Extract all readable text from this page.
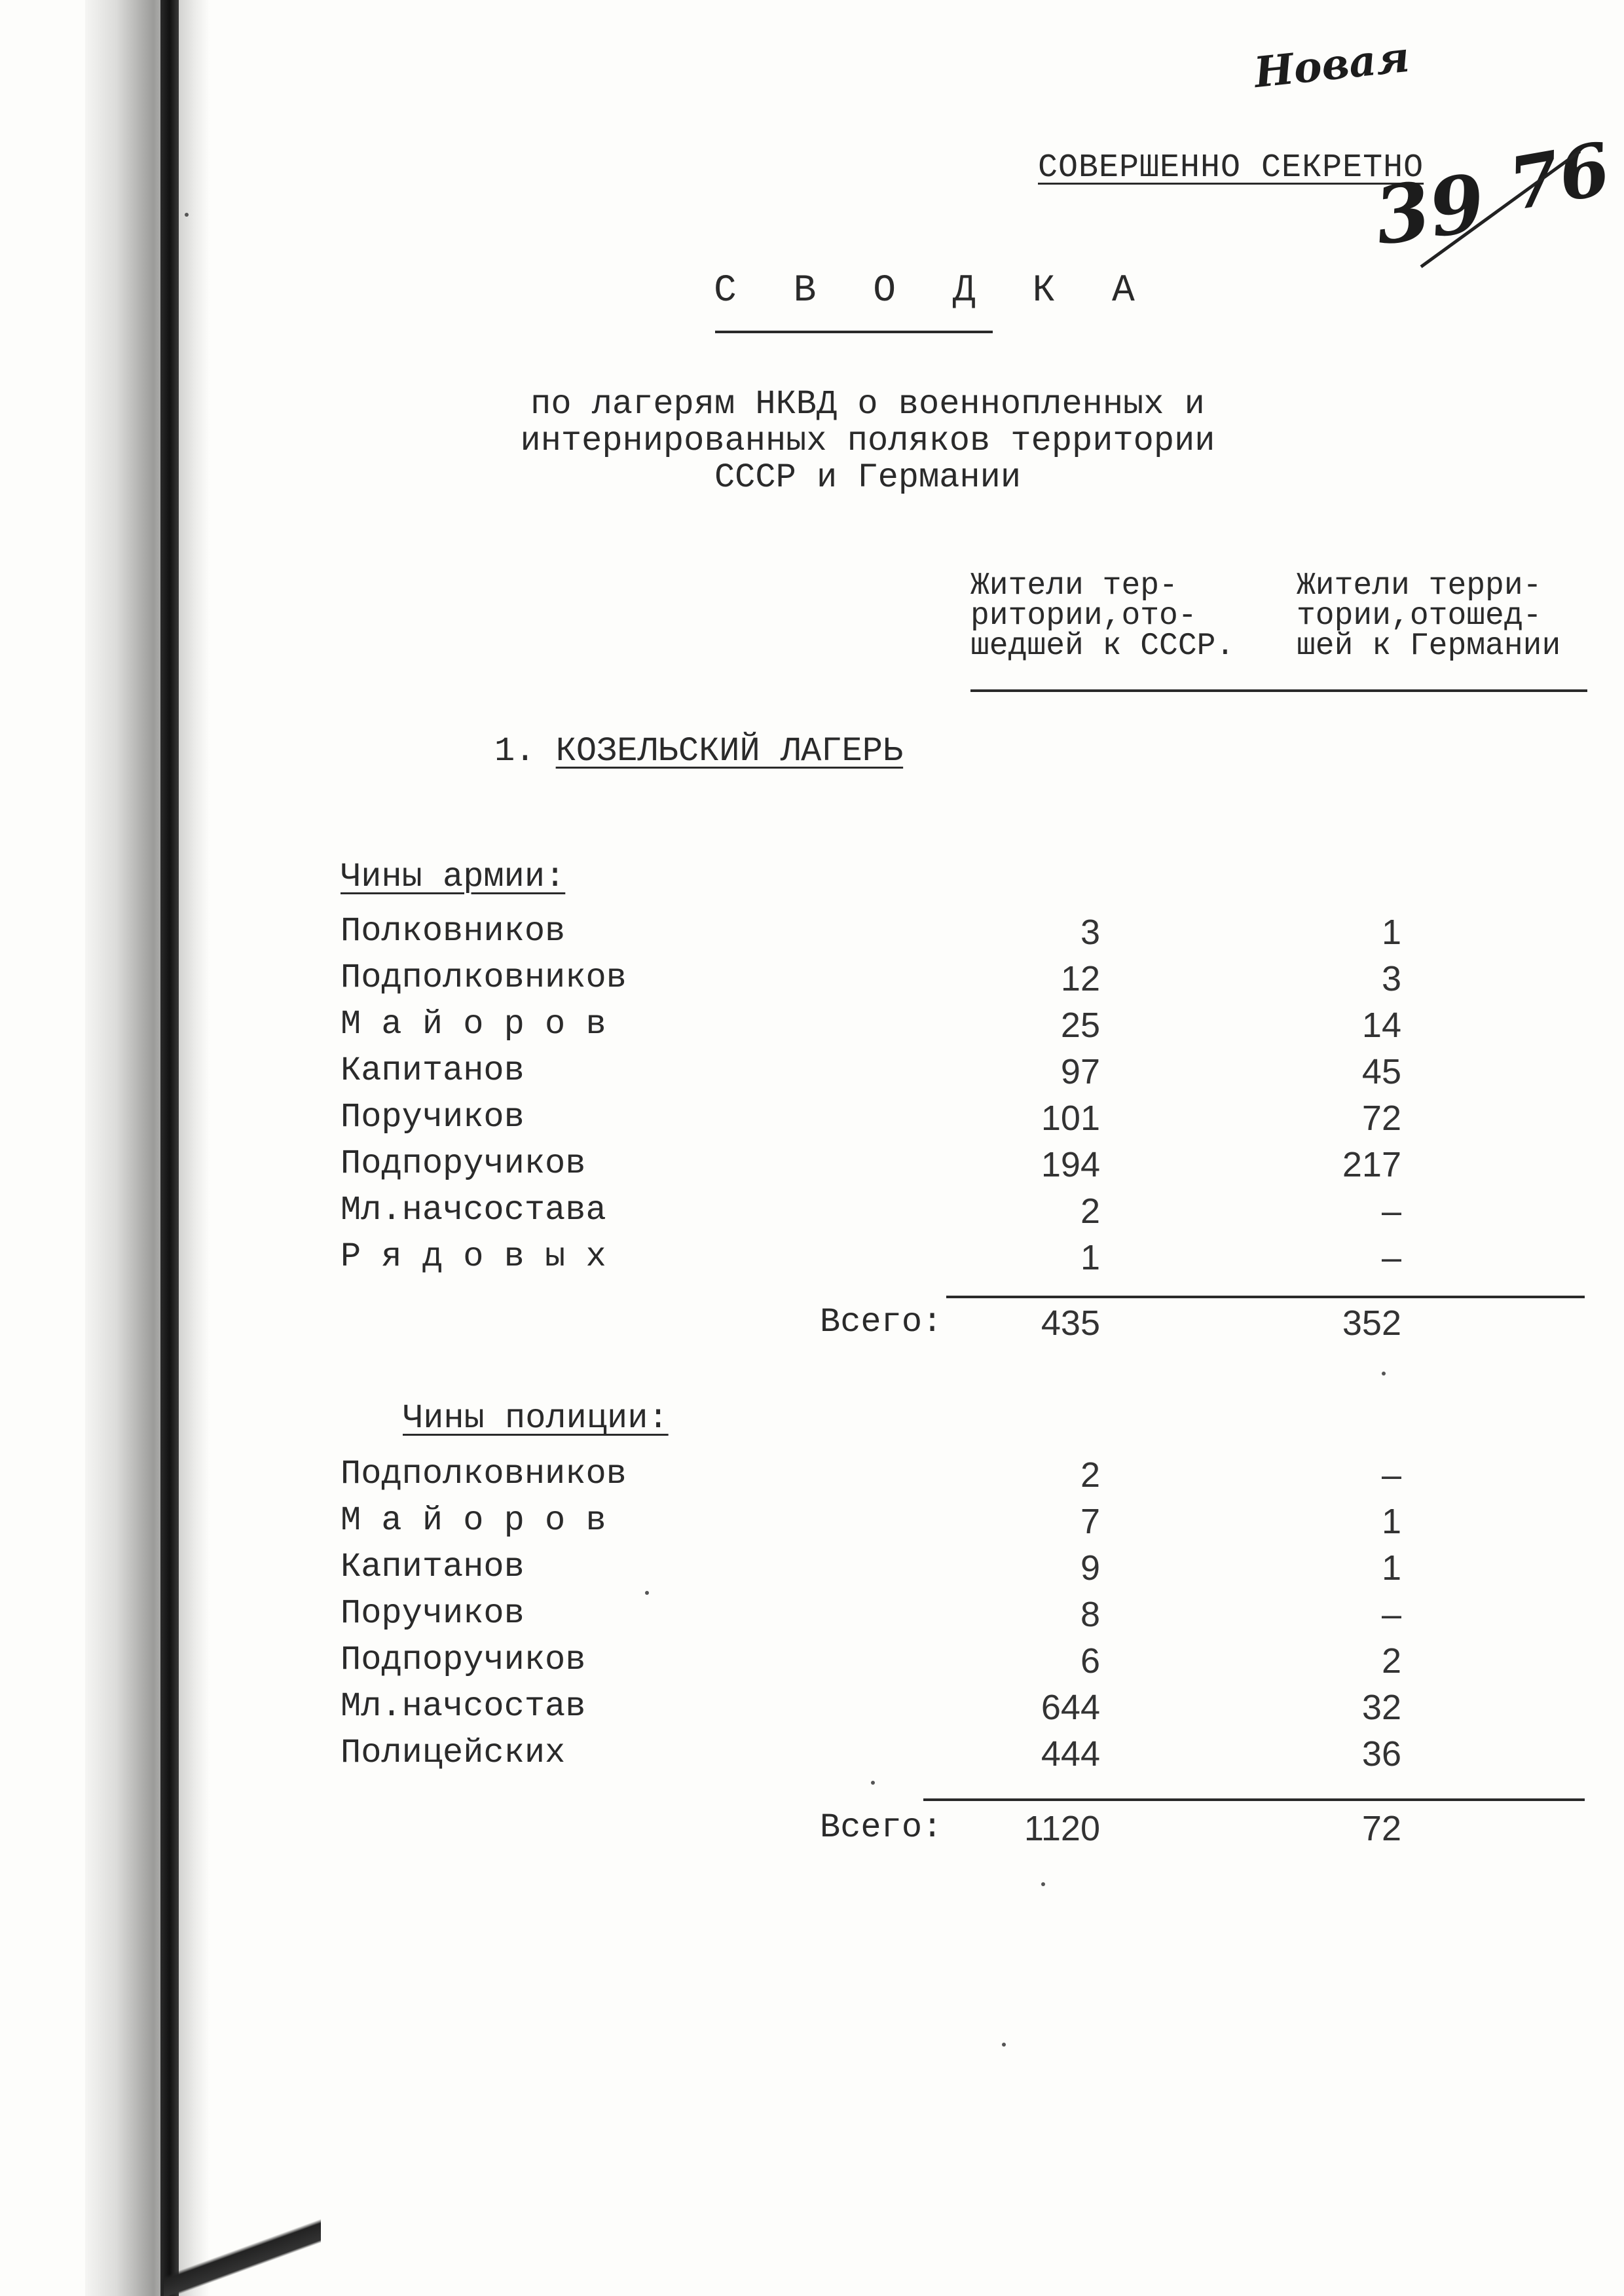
Новая
СОВЕРШЕННО СЕКРЕТНО
39 76
С В О Д К А
по лагерям НКВД о военнопленных и
интернированных поляков территории
СССР и Германии
Жители тер-
ритории,ото-
шедшей к СССР.
Жители терри-
тории,отошед-
шей к Германии
1. КОЗЕЛЬСКИЙ ЛАГЕРЬ
Чины армии:
Полковников	3	1
Подполковников	12	3
М а й о р о в	25	14
Капитанов	97	45
Поручиков	101	72
Подпоручиков	194	217
Мл.начсостава	2	–
Р я д о в ы х	1	–
Всего:	435	352
Чины полиции:
Подполковников	2	–
М а й о р о в	7	1
Капитанов	9	1
Поручиков	8	–
Подпоручиков	6	2
Мл.начсостав	644	32
Полицейских	444	36
Всего:	1120	72
